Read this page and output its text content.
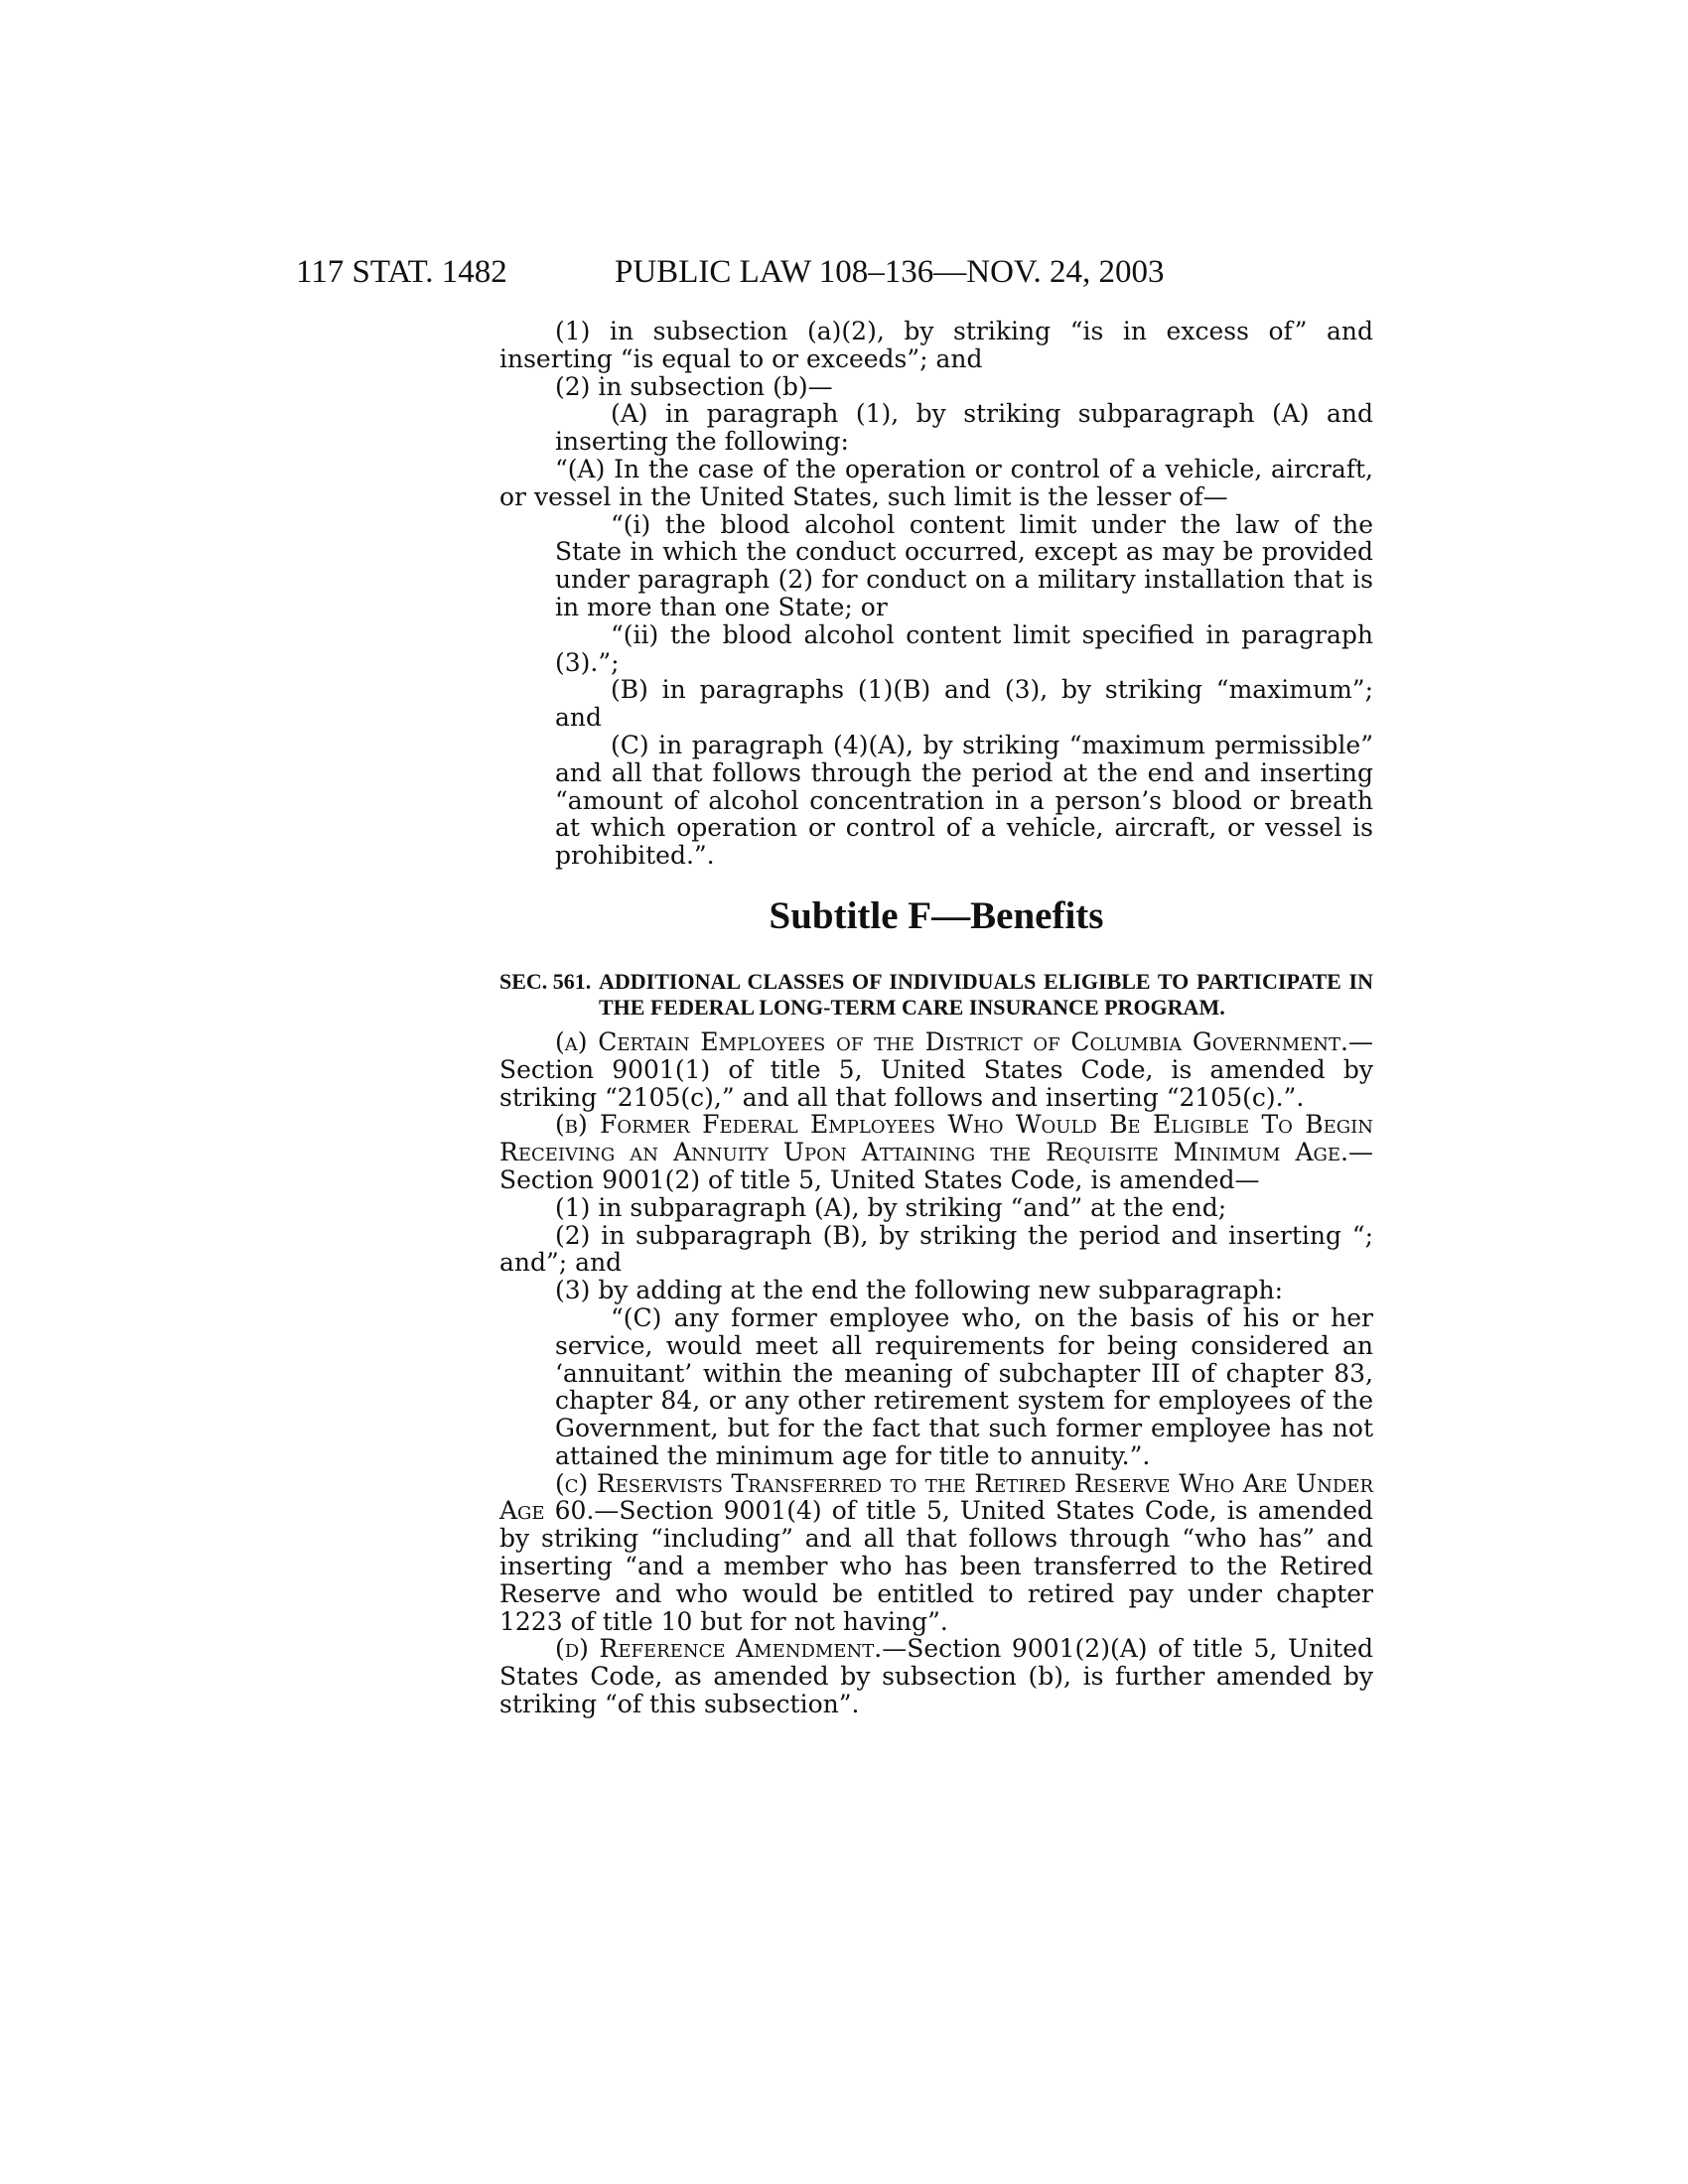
117 STAT. 1482	PUBLIC LAW 108–136—NOV. 24, 2003

(1) in subsection (a)(2), by striking “is in excess of” and inserting “is equal to or exceeds”; and

(2) in subsection (b)—

(A) in paragraph (1), by striking subparagraph (A) and inserting the following:

“(A) In the case of the operation or control of a vehicle, aircraft, or vessel in the United States, such limit is the lesser of—

“(i) the blood alcohol content limit under the law of the State in which the conduct occurred, except as may be provided under paragraph (2) for conduct on a military installation that is in more than one State; or

“(ii) the blood alcohol content limit specified in paragraph (3).”;

(B) in paragraphs (1)(B) and (3), by striking “maximum”; and

(C) in paragraph (4)(A), by striking “maximum permissible” and all that follows through the period at the end and inserting “amount of alcohol concentration in a person’s blood or breath at which operation or control of a vehicle, aircraft, or vessel is prohibited.”.

Subtitle F—Benefits
SEC. 561. ADDITIONAL CLASSES OF INDIVIDUALS ELIGIBLE TO PARTICIPATE IN THE FEDERAL LONG-TERM CARE INSURANCE PROGRAM.

(a) Certain Employees of the District of Columbia Government.—Section 9001(1) of title 5, United States Code, is amended by striking “2105(c),” and all that follows and inserting “2105(c).”.

(b) Former Federal Employees Who Would Be Eligible To Begin Receiving an Annuity Upon Attaining the Requisite Minimum Age.—Section 9001(2) of title 5, United States Code, is amended—

(1) in subparagraph (A), by striking “and” at the end;

(2) in subparagraph (B), by striking the period and inserting “; and”; and

(3) by adding at the end the following new subparagraph:

“(C) any former employee who, on the basis of his or her service, would meet all requirements for being considered an ‘annuitant’ within the meaning of subchapter III of chapter 83, chapter 84, or any other retirement system for employees of the Government, but for the fact that such former employee has not attained the minimum age for title to annuity.”.

(c) Reservists Transferred to the Retired Reserve Who Are Under Age 60.—Section 9001(4) of title 5, United States Code, is amended by striking “including” and all that follows through “who has” and inserting “and a member who has been transferred to the Retired Reserve and who would be entitled to retired pay under chapter 1223 of title 10 but for not having”.

(d) Reference Amendment.—Section 9001(2)(A) of title 5, United States Code, as amended by subsection (b), is further amended by striking “of this subsection”.
